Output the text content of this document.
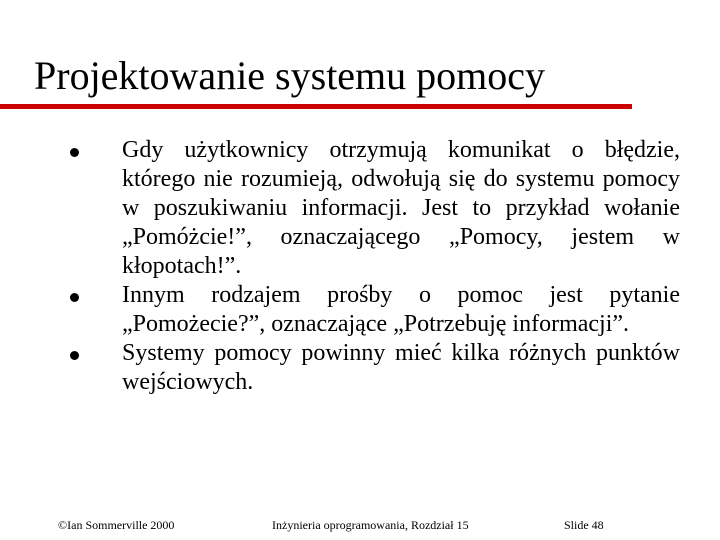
Projektowanie systemu pomocy
Gdy użytkownicy otrzymują komunikat o błędzie, którego nie rozumieją, odwołują się do systemu pomocy w poszukiwaniu informacji. Jest to przykład wołanie „Pomóżcie!”, oznaczającego „Pomocy, jestem w kłopotach!”.
Innym rodzajem prośby o pomoc jest pytanie „Pomożecie?”, oznaczające „Potrzebuję informacji”.
Systemy pomocy powinny mieć kilka różnych punktów wejściowych.
©Ian Sommerville 2000	Inżynieria oprogramowania, Rozdział 15	Slide 48
